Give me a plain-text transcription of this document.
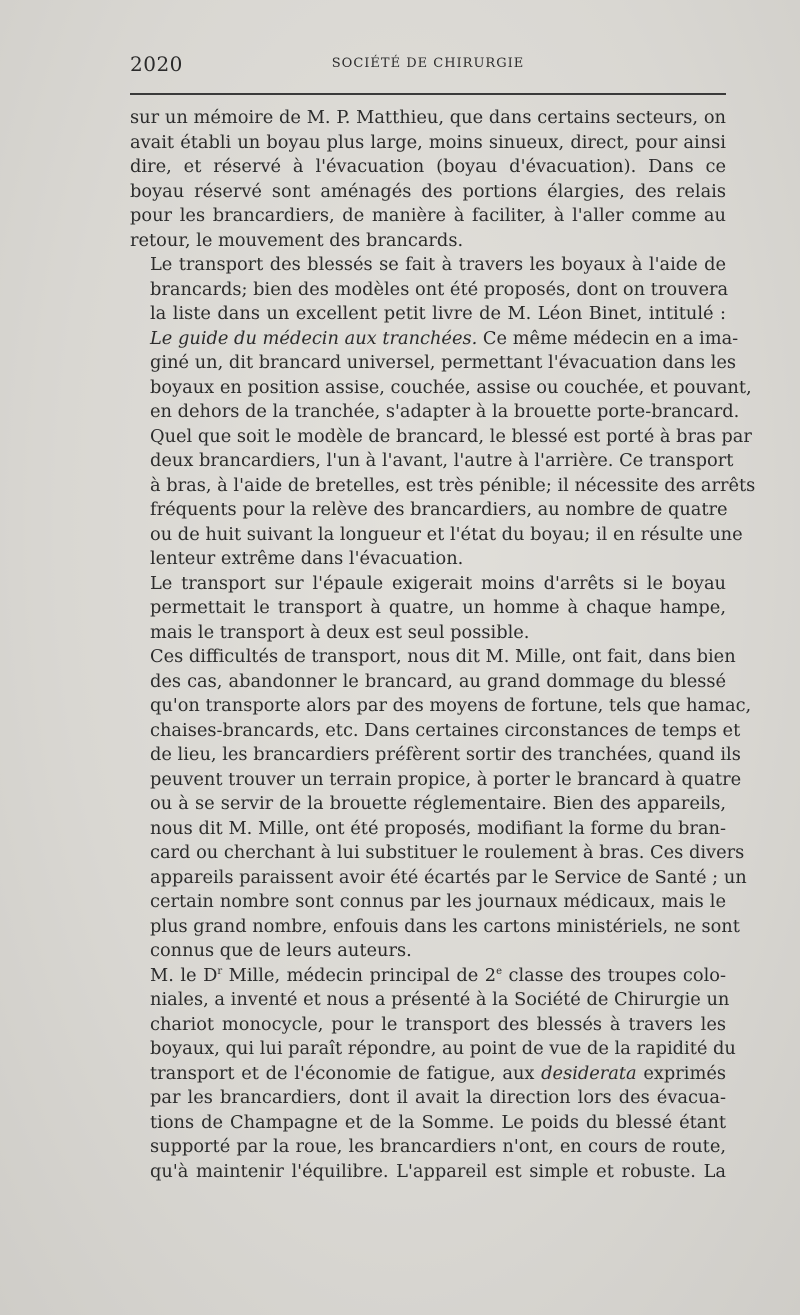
2020	SOCIÉTÉ DE CHIRURGIE

sur un mémoire de M. P. Matthieu, que dans certains secteurs, on
avait établi un boyau plus large, moins sinueux, direct, pour ainsi
dire, et réservé à l'évacuation (boyau d'évacuation). Dans ce
boyau réservé sont aménagés des portions élargies, des relais
pour les brancardiers, de manière à faciliter, à l'aller comme au
retour, le mouvement des brancards.

Le transport des blessés se fait à travers les boyaux à l'aide de
brancards; bien des modèles ont été proposés, dont on trouvera
la liste dans un excellent petit livre de M. Léon Binet, intitulé :
Le guide du médecin aux tranchées. Ce même médecin en a ima-
giné un, dit brancard universel, permettant l'évacuation dans les
boyaux en position assise, couchée, assise ou couchée, et pouvant,
en dehors de la tranchée, s'adapter à la brouette porte-brancard.
Quel que soit le modèle de brancard, le blessé est porté à bras par
deux brancardiers, l'un à l'avant, l'autre à l'arrière. Ce transport
à bras, à l'aide de bretelles, est très pénible; il nécessite des arrêts
fréquents pour la relève des brancardiers, au nombre de quatre
ou de huit suivant la longueur et l'état du boyau; il en résulte une
lenteur extrême dans l'évacuation.

Le transport sur l'épaule exigerait moins d'arrêts si le boyau
permettait le transport à quatre, un homme à chaque hampe,
mais le transport à deux est seul possible.

Ces difficultés de transport, nous dit M. Mille, ont fait, dans bien
des cas, abandonner le brancard, au grand dommage du blessé
qu'on transporte alors par des moyens de fortune, tels que hamac,
chaises-brancards, etc. Dans certaines circonstances de temps et
de lieu, les brancardiers préfèrent sortir des tranchées, quand ils
peuvent trouver un terrain propice, à porter le brancard à quatre
ou à se servir de la brouette réglementaire. Bien des appareils,
nous dit M. Mille, ont été proposés, modifiant la forme du bran-
card ou cherchant à lui substituer le roulement à bras. Ces divers
appareils paraissent avoir été écartés par le Service de Santé ; un
certain nombre sont connus par les journaux médicaux, mais le
plus grand nombre, enfouis dans les cartons ministériels, ne sont
connus que de leurs auteurs.

M. le $D^r$ Mille, médecin principal de 2e classe des troupes colo-
niales, a inventé et nous a présenté à la Société de Chirurgie un
chariot monocycle, pour le transport des blessés à travers les
boyaux, qui lui paraît répondre, au point de vue de la rapidité du
transport et de l'économie de fatigue, aux desiderata exprimés
par les brancardiers, dont il avait la direction lors des évacua-
tions de Champagne et de la Somme. Le poids du blessé étant
supporté par la roue, les brancardiers n'ont, en cours de route,
qu'à maintenir l'équilibre. L'appareil est simple et robuste. La
